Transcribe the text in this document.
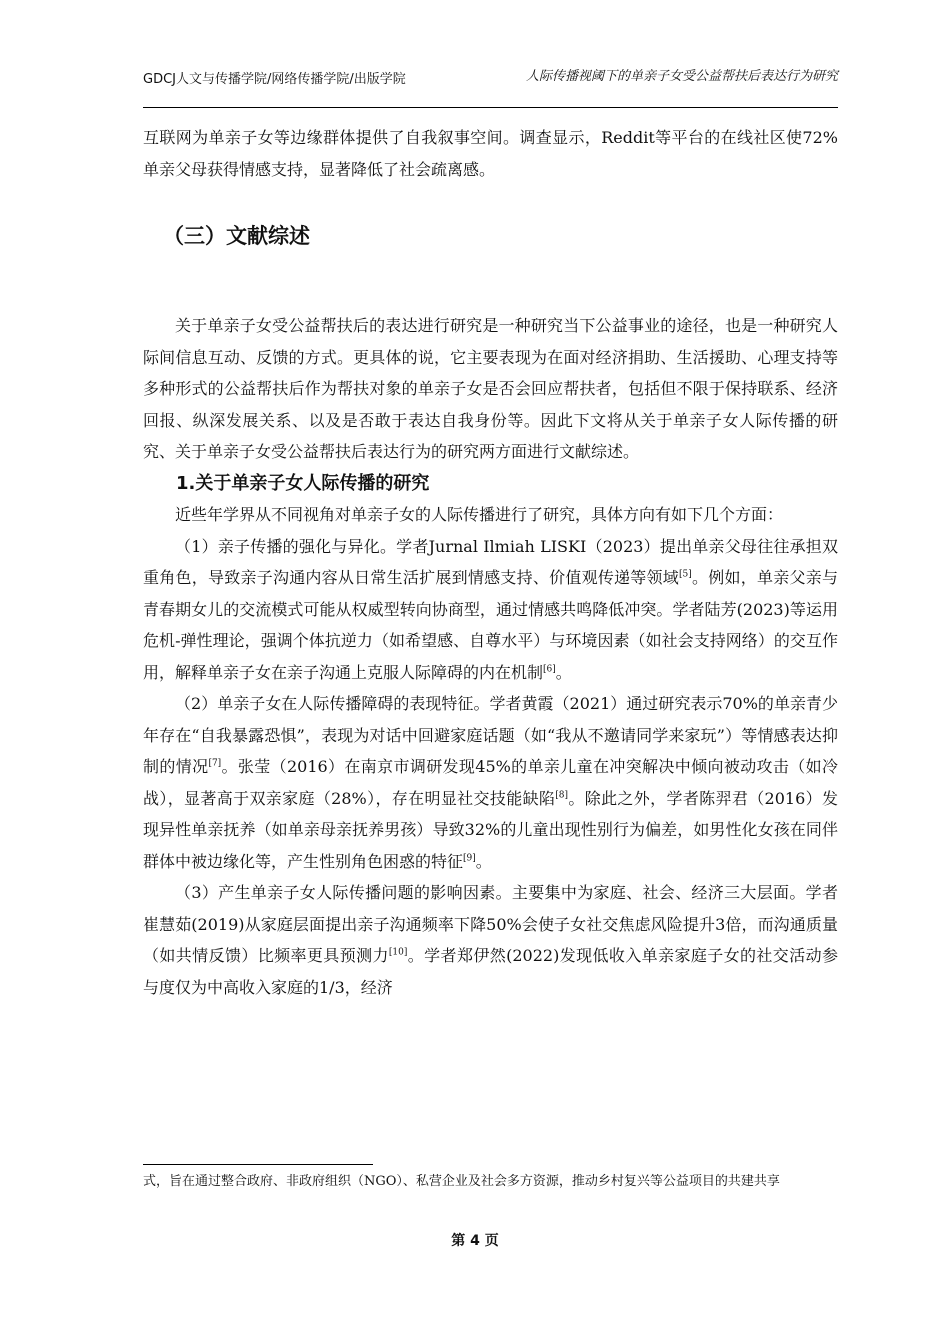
GDCJ人文与传播学院/网络传播学院/出版学院	人际传播视阈下的单亲子女受公益帮扶后表达行为研究

互联网为单亲子女等边缘群体提供了自我叙事空间。调查显示，Reddit等平台的在线社区使72%单亲父母获得情感支持，显著降低了社会疏离感。

（三）文献综述

关于单亲子女受公益帮扶后的表达进行研究是一种研究当下公益事业的途径，也是一种研究人际间信息互动、反馈的方式。更具体的说，它主要表现为在面对经济捐助、生活援助、心理支持等多种形式的公益帮扶后作为帮扶对象的单亲子女是否会回应帮扶者，包括但不限于保持联系、经济回报、纵深发展关系、以及是否敢于表达自我身份等。因此下文将从关于单亲子女人际传播的研究、关于单亲子女受公益帮扶后表达行为的研究两方面进行文献综述。

1.关于单亲子女人际传播的研究

近些年学界从不同视角对单亲子女的人际传播进行了研究，具体方向有如下几个方面：

（1）亲子传播的强化与异化。学者Jurnal Ilmiah LISKI（2023）提出单亲父母往往承担双重角色，导致亲子沟通内容从日常生活扩展到情感支持、价值观传递等领域[5]。例如，单亲父亲与青春期女儿的交流模式可能从权威型转向协商型，通过情感共鸣降低冲突。学者陆芳(2023)等运用危机-弹性理论，强调个体抗逆力（如希望感、自尊水平）与环境因素（如社会支持网络）的交互作用，解释单亲子女在亲子沟通上克服人际障碍的内在机制[6]。

（2）单亲子女在人际传播障碍的表现特征。学者黄霞（2021）通过研究表示70%的单亲青少年存在“自我暴露恐惧”，表现为对话中回避家庭话题（如“我从不邀请同学来家玩”）等情感表达抑制的情况[7]。张莹（2016）在南京市调研发现45%的单亲儿童在冲突解决中倾向被动攻击（如冷战），显著高于双亲家庭（28%），存在明显社交技能缺陷[8]。除此之外，学者陈羿君（2016）发现异性单亲抚养（如单亲母亲抚养男孩）导致32%的儿童出现性别行为偏差，如男性化女孩在同伴群体中被边缘化等，产生性别角色困惑的特征[9]。

（3）产生单亲子女人际传播问题的影响因素。主要集中为家庭、社会、经济三大层面。学者崔慧茹(2019)从家庭层面提出亲子沟通频率下降50%会使子女社交焦虑风险提升3倍，而沟通质量（如共情反馈）比频率更具预测力[10]。学者郑伊然(2022)发现低收入单亲家庭子女的社交活动参与度仅为中高收入家庭的1/3，经济

式，旨在通过整合政府、非政府组织（NGO）、私营企业及社会多方资源，推动乡村复兴等公益项目的共建共享

第 4 页
